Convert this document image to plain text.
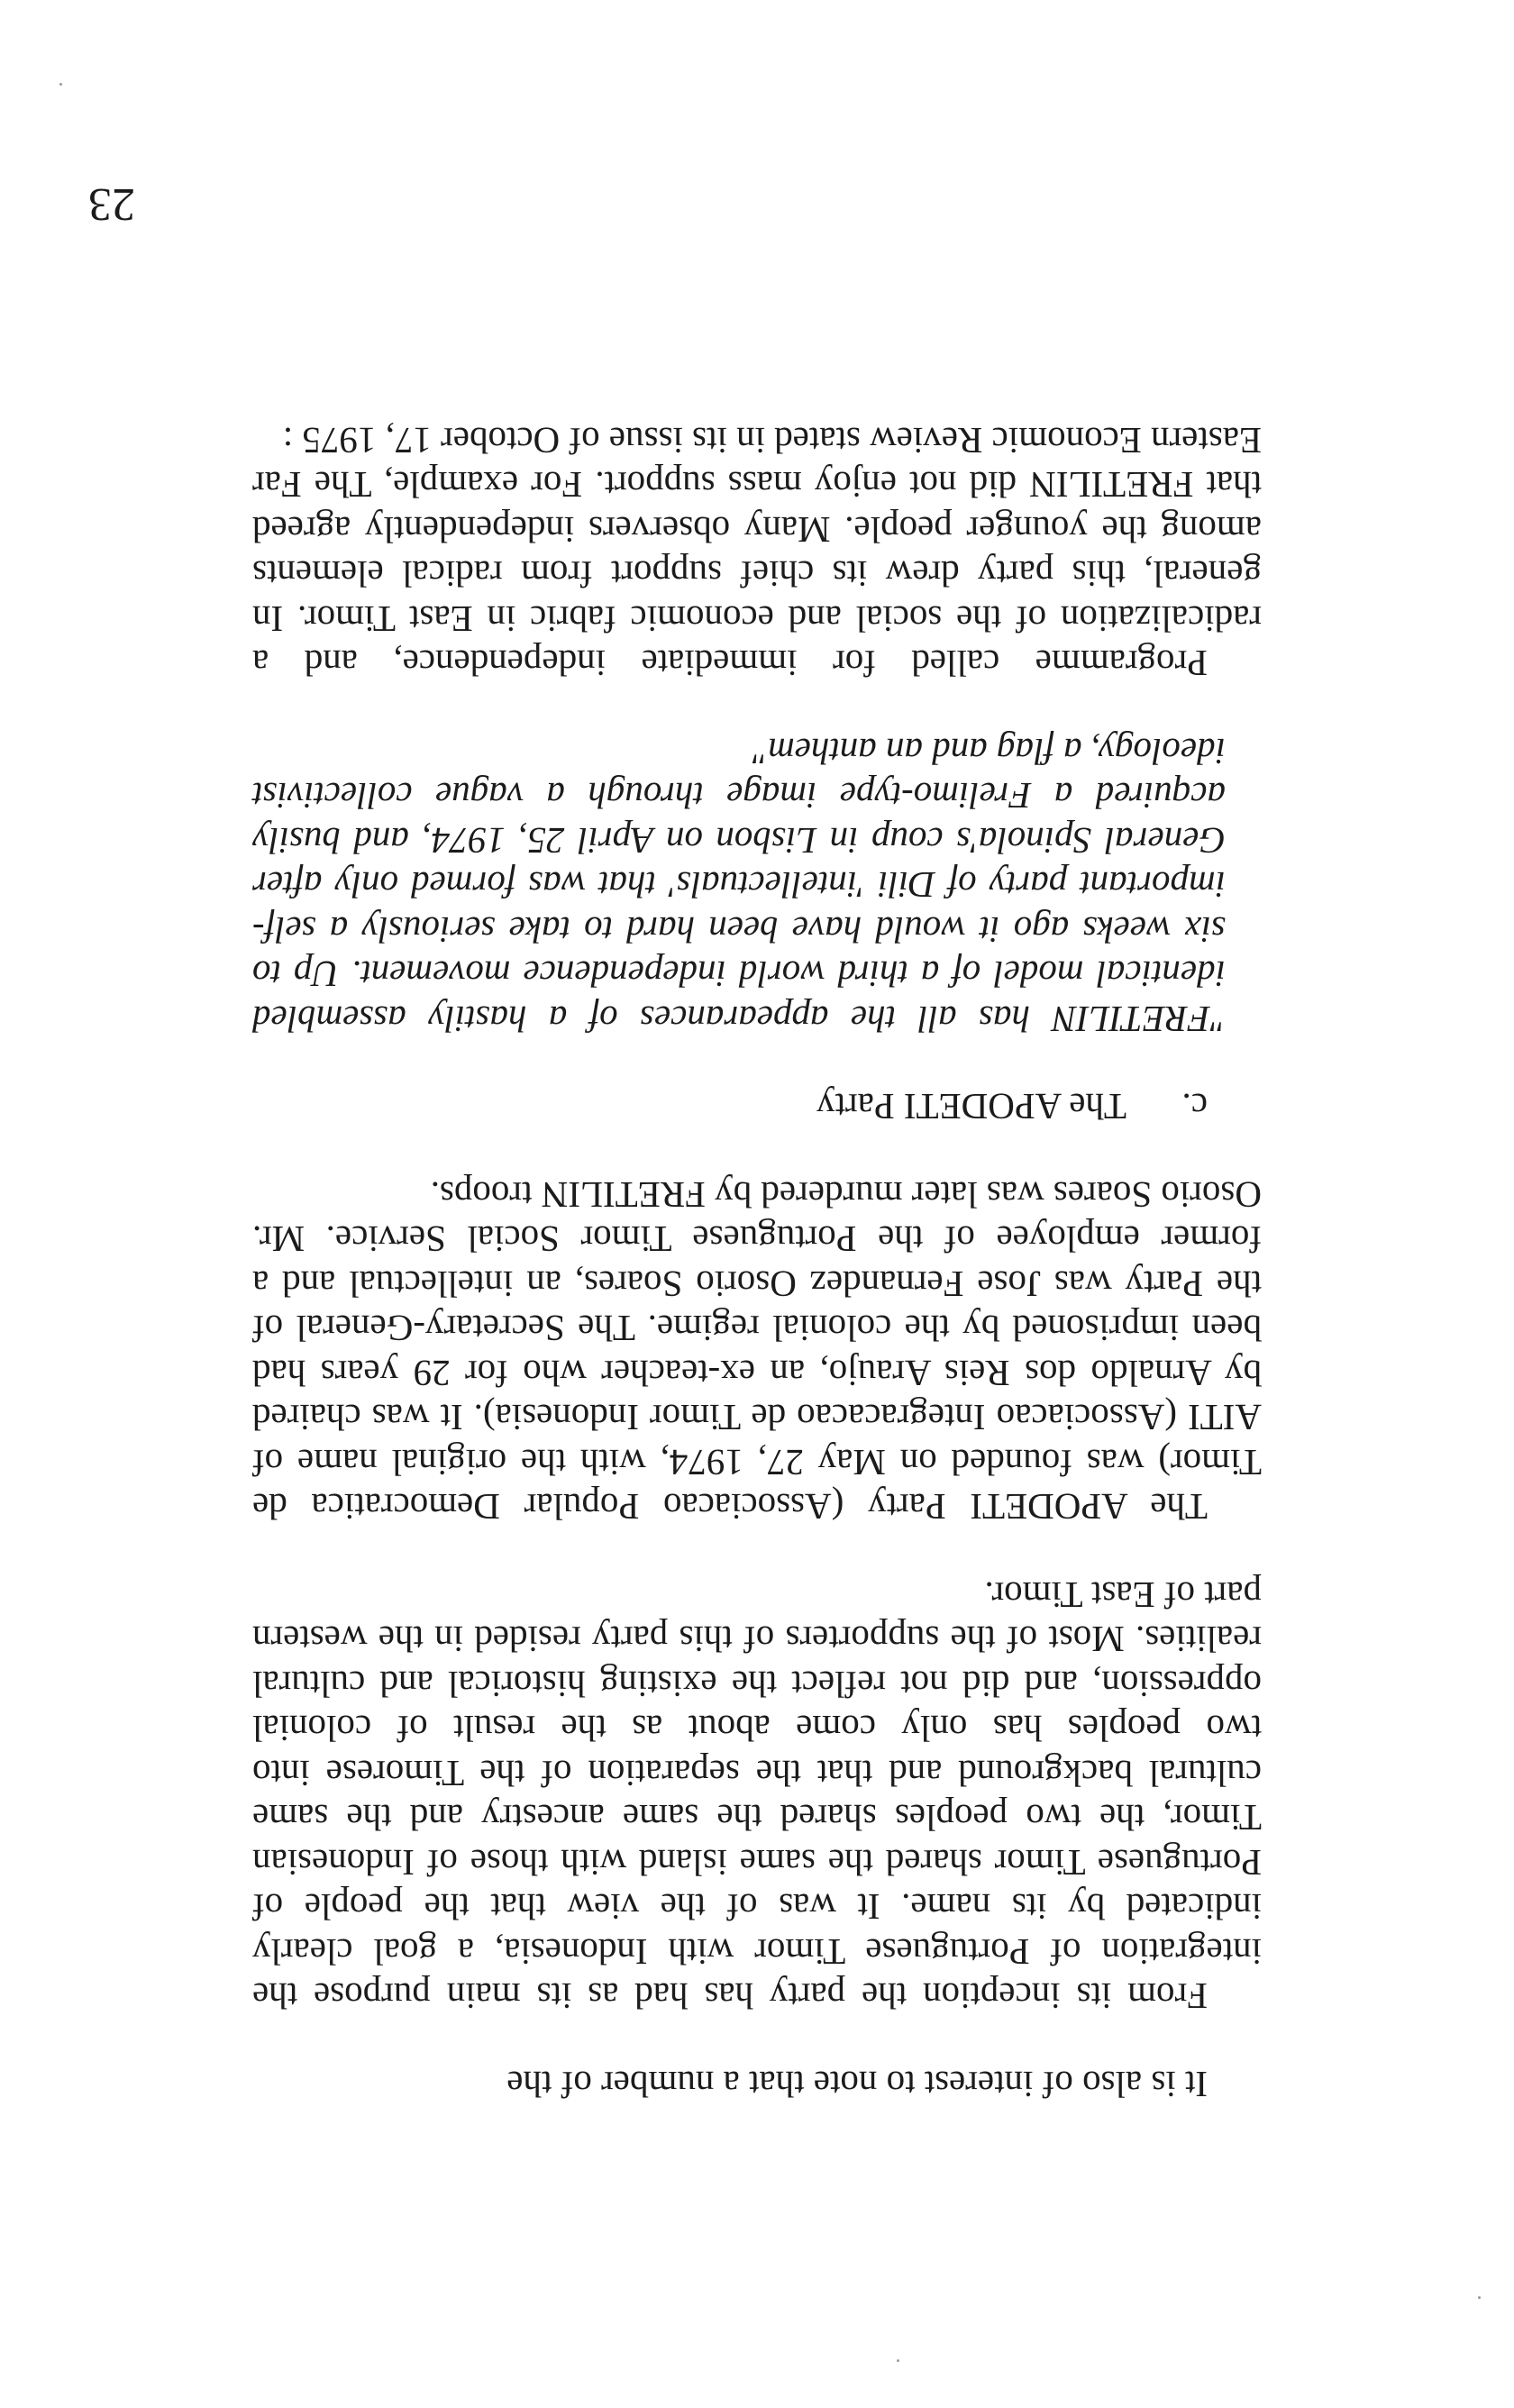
23

It is also of interest to note that a number of the

From its inception the party has had as its main purpose the integration of Portuguese Timor with Indonesia, a goal clearly indicated by its name. It was of the view that the people of Portuguese Timor shared the same island with those of Indonesian Timor, the two peoples shared the same ancestry and the same cultural background and that the separation of the Timorese into two peoples has only come about as the result of colonial oppression, and did not reflect the existing historical and cultural realities. Most of the supporters of this party resided in the western part of East Timor.

The APODETI Party (Associacao Popular Democratica de Timor) was founded on May 27, 1974, with the original name of AITI (Associacao Integracacao de Timor Indonesia). It was chaired by Arnaldo dos Reis Araujo, an ex-teacher who for 29 years had been imprisoned by the colonial regime. The Secretary-General of the Party was Jose Fernandez Osorio Soares, an intellectual and a former employee of the Portuguese Timor Social Service. Mr. Osorio Soares was later murdered by FRETILIN troops.

c.The APODETI Party

"FRETILIN has all the appearances of a hastily assembled identical model of a third world independence movement. Up to six weeks ago it would have been hard to take seriously a self-important party of Dili 'intellectuals' that was formed only after General Spinola's coup in Lisbon on April 25, 1974, and busily acquired a Frelimo-type image through a vague collectivist ideology, a flag and an anthem"

Programme called for immediate independence, and a radicalization of the social and economic fabric in East Timor. In general, this party drew its chief support from radical elements among the younger people. Many observers independently agreed that FRETILIN did not enjoy mass support. For example, The Far Eastern Economic Review stated in its issue of October 17, 1975 :
